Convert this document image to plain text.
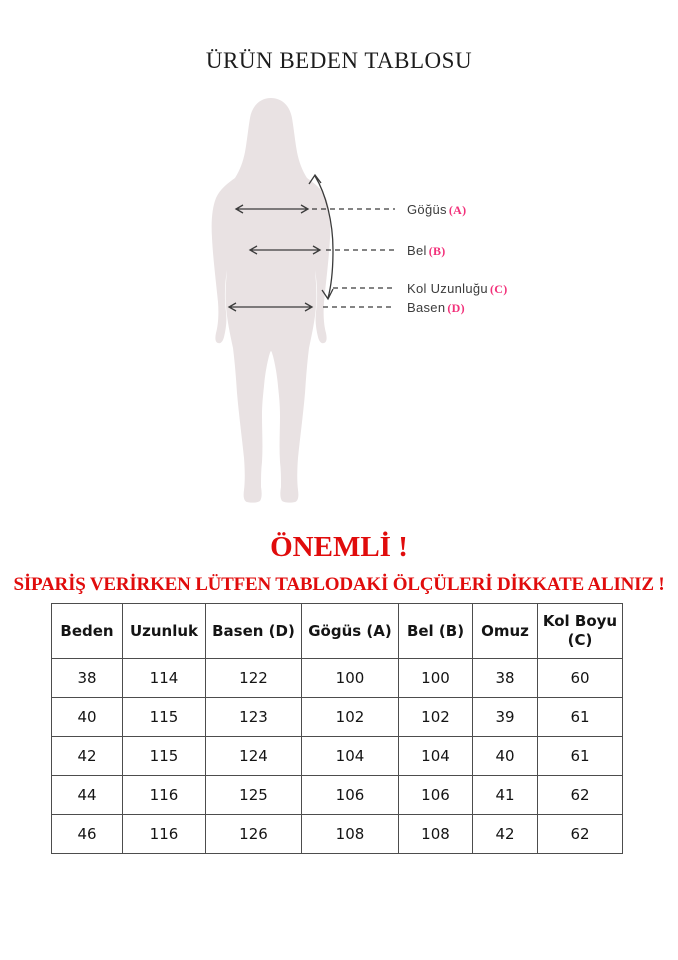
ÜRÜN BEDEN TABLOSU
Göğüs (A)
Bel (B)
Kol Uzunluğu (C)
Basen (D)
ÖNEMLİ !
SİPARİŞ VERİRKEN LÜTFEN TABLODAKİ ÖLÇÜLERİ DİKKATE ALINIZ !
Beden	Uzunluk	Basen (D)	Gögüs (A)	Bel (B)	Omuz	Kol Boyu (C)
38	114	122	100	100	38	60
40	115	123	102	102	39	61
42	115	124	104	104	40	61
44	116	125	106	106	41	62
46	116	126	108	108	42	62
